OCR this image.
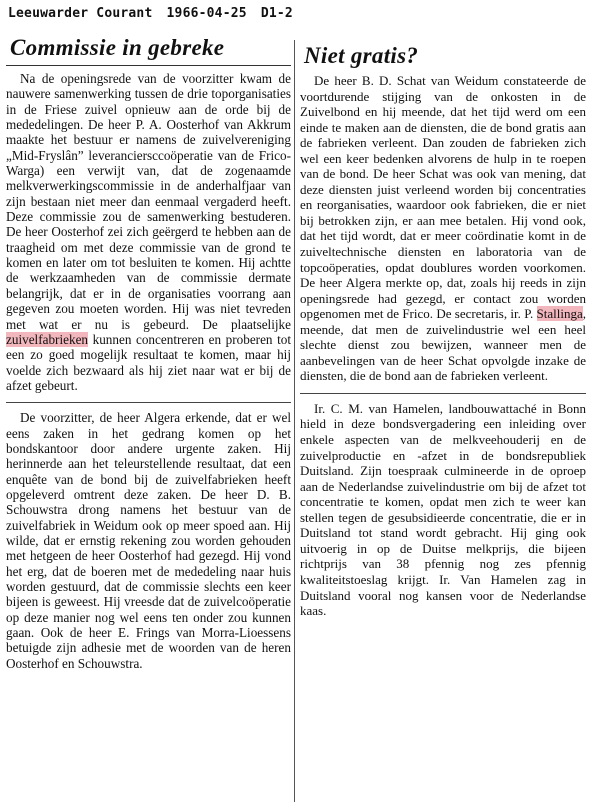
Leeuwarder Courant 1966-04-25 D1-2
Commissie in gebreke

Na de openingsrede van de voorzitter kwam de nauwere samenwerking tussen de drie toporganisaties in de Friese zuivel opnieuw aan de orde bij de mededelingen. De heer P. A. Oosterhof van Akkrum maakte het bestuur er namens de zuivelvereniging „Mid-Fryslân” leveranciersccoöperatie van de Frico-Warga) een verwijt van, dat de zogenaamde melkverwerkingscommissie in de anderhalfjaar van zijn bestaan niet meer dan eenmaal vergaderd heeft. Deze commissie zou de samenwerking bestuderen. De heer Oosterhof zei zich geërgerd te hebben aan de traagheid om met deze commissie van de grond te komen en later om tot besluiten te komen. Hij achtte de werkzaamheden van de commissie dermate belangrijk, dat er in de organisaties voorrang aan gegeven zou moeten worden. Hij was niet tevreden met wat er nu is gebeurd. De plaatselijke zuivelfabrieken kunnen concentreren en proberen tot een zo goed mogelijk resultaat te komen, maar hij voelde zich bezwaard als hij ziet naar wat er bij de afzet gebeurt.

De voorzitter, de heer Algera erkende, dat er wel eens zaken in het gedrang komen op het bondskantoor door andere urgente zaken. Hij herinnerde aan het teleurstellende resultaat, dat een enquête van de bond bij de zuivelfabrieken heeft opgeleverd omtrent deze zaken. De heer D. B. Schouwstra drong namens het bestuur van de zuivelfabriek in Weidum ook op meer spoed aan. Hij wilde, dat er ernstig rekening zou worden gehouden met hetgeen de heer Oosterhof had gezegd. Hij vond het erg, dat de boeren met de mededeling naar huis worden gestuurd, dat de commissie slechts een keer bijeen is geweest. Hij vreesde dat de zuivelcoöperatie op deze manier nog wel eens ten onder zou kunnen gaan. Ook de heer E. Frings van Morra-Lioessens betuigde zijn adhesie met de woorden van de heren Oosterhof en Schouwstra.

Niet gratis?

De heer B. D. Schat van Weidum constateerde de voortdurende stijging van de onkosten in de Zuivelbond en hij meende, dat het tijd werd om een einde te maken aan de diensten, die de bond gratis aan de fabrieken verleent. Dan zouden de fabrieken zich wel een keer bedenken alvorens de hulp in te roepen van de bond. De heer Schat was ook van mening, dat deze diensten juist verleend worden bij concentraties en reorganisaties, waardoor ook fabrieken, die er niet bij betrokken zijn, er aan mee betalen. Hij vond ook, dat het tijd wordt, dat er meer coördinatie komt in de zuiveltechnische diensten en laboratoria van de topcoöperaties, opdat doublures worden voorkomen. De heer Algera merkte op, dat, zoals hij reeds in zijn openingsrede had gezegd, er contact zou worden opgenomen met de Frico. De secretaris, ir. P. Stallinga, meende, dat men de zuivelindustrie wel een heel slechte dienst zou bewijzen, wanneer men de aanbevelingen van de heer Schat opvolgde inzake de diensten, die de bond aan de fabrieken verleent.

Ir. C. M. van Hamelen, landbouwattaché in Bonn hield in deze bondsvergadering een inleiding over enkele aspecten van de melkveehouderij en de zuivelproductie en -afzet in de bondsrepubliek Duitsland. Zijn toespraak culmineerde in de oproep aan de Nederlandse zuivelindustrie om bij de afzet tot concentratie te komen, opdat men zich te weer kan stellen tegen de gesubsidieerde concentratie, die er in Duitsland tot stand wordt gebracht. Hij ging ook uitvoerig in op de Duitse melkprijs, die bijeen richtprijs van 38 pfennig nog zes pfennig kwaliteitstoeslag krijgt. Ir. Van Hamelen zag in Duitsland vooral nog kansen voor de Nederlandse kaas.
